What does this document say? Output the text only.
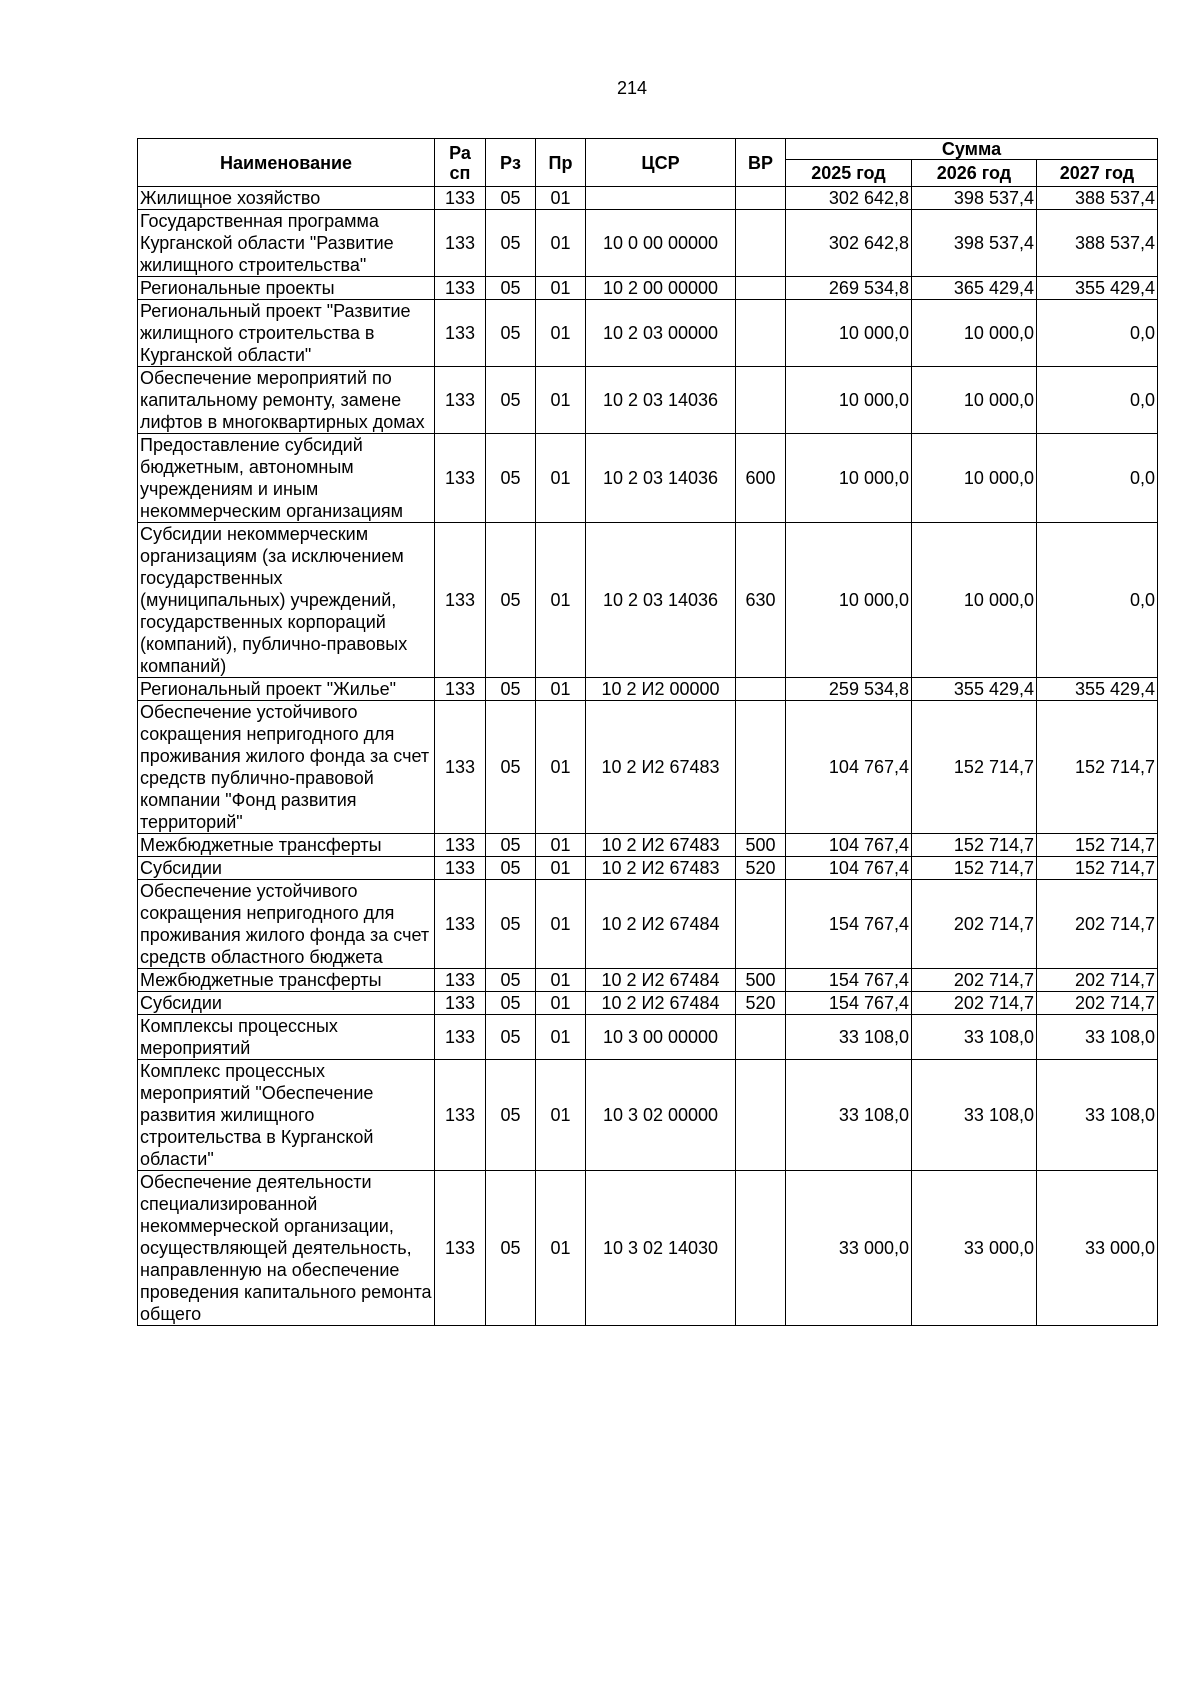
214
Наименование	Ра сп	Рз	Пр	ЦСР	ВР	Сумма		
						2025 год	2026 год	2027 год
Жилищное хозяйство	133	05	01			302 642,8	398 537,4	388 537,4
Государственная программа Курганской области "Развитие жилищного строительства"	133	05	01	10 0 00 00000		302 642,8	398 537,4	388 537,4
Региональные проекты	133	05	01	10 2 00 00000		269 534,8	365 429,4	355 429,4
Региональный проект "Развитие жилищного строительства в Курганской области"	133	05	01	10 2 03 00000		10 000,0	10 000,0	0,0
Обеспечение мероприятий по капитальному ремонту, замене лифтов в многоквартирных домах	133	05	01	10 2 03 14036		10 000,0	10 000,0	0,0
Предоставление субсидий бюджетным, автономным учреждениям и иным некоммерческим организациям	133	05	01	10 2 03 14036	600	10 000,0	10 000,0	0,0
Субсидии некоммерческим организациям (за исключением государственных (муниципальных) учреждений, государственных корпораций (компаний), публично-правовых компаний)	133	05	01	10 2 03 14036	630	10 000,0	10 000,0	0,0
Региональный проект "Жилье"	133	05	01	10 2 И2 00000		259 534,8	355 429,4	355 429,4
Обеспечение устойчивого сокращения непригодного для проживания жилого фонда за счет средств публично-правовой компании "Фонд развития территорий"	133	05	01	10 2 И2 67483		104 767,4	152 714,7	152 714,7
Межбюджетные трансферты	133	05	01	10 2 И2 67483	500	104 767,4	152 714,7	152 714,7
Субсидии	133	05	01	10 2 И2 67483	520	104 767,4	152 714,7	152 714,7
Обеспечение устойчивого сокращения непригодного для проживания жилого фонда за счет средств областного бюджета	133	05	01	10 2 И2 67484		154 767,4	202 714,7	202 714,7
Межбюджетные трансферты	133	05	01	10 2 И2 67484	500	154 767,4	202 714,7	202 714,7
Субсидии	133	05	01	10 2 И2 67484	520	154 767,4	202 714,7	202 714,7
Комплексы процессных мероприятий	133	05	01	10 3 00 00000		33 108,0	33 108,0	33 108,0
Комплекс процессных мероприятий "Обеспечение развития жилищного строительства в Курганской области"	133	05	01	10 3 02 00000		33 108,0	33 108,0	33 108,0
Обеспечение деятельности специализированной некоммерческой организации, осуществляющей деятельность, направленную на обеспечение проведения капитального ремонта общего	133	05	01	10 3 02 14030		33 000,0	33 000,0	33 000,0
